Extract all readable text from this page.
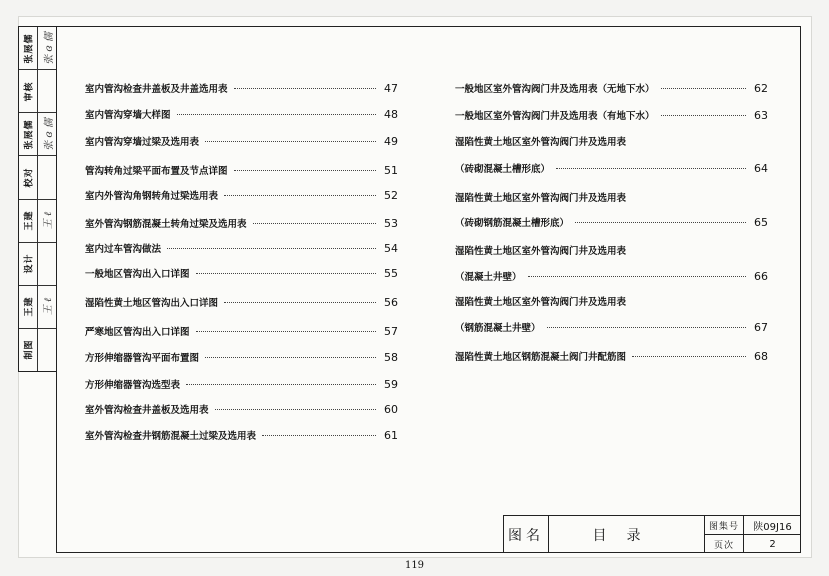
张展儒 张 ɞ 儒
审核
张展儒 张 ɞ 儒
校对
王建 王 ℓ
设计
王建 王 ℓ
制图
室内管沟检查井盖板及井盖选用表	47
室内管沟穿墙大样图	48
室内管沟穿墙过梁及选用表	49
管沟转角过梁平面布置及节点详图	51
室内外管沟角钢转角过梁选用表	52
室外管沟钢筋混凝土转角过梁及选用表	53
室内过车管沟做法	54
一般地区管沟出入口详图	55
湿陷性黄土地区管沟出入口详图	56
严寒地区管沟出入口详图	57
方形伸缩器管沟平面布置图	58
方形伸缩器管沟选型表	59
室外管沟检查井盖板及选用表	60
室外管沟检查井钢筋混凝土过梁及选用表	61
一般地区室外管沟阀门井及选用表（无地下水）	62
一般地区室外管沟阀门井及选用表（有地下水）	63
湿陷性黄土地区室外管沟阀门井及选用表
（砖砌混凝土槽形底）	64
湿陷性黄土地区室外管沟阀门井及选用表
（砖砌钢筋混凝土槽形底）	65
湿陷性黄土地区室外管沟阀门井及选用表
（混凝土井壁）	66
湿陷性黄土地区室外管沟阀门井及选用表
（钢筋混凝土井壁）	67
湿陷性黄土地区钢筋混凝土阀门井配筋图	68
图名	目录
图集号	陕09J16
页次	2
119
